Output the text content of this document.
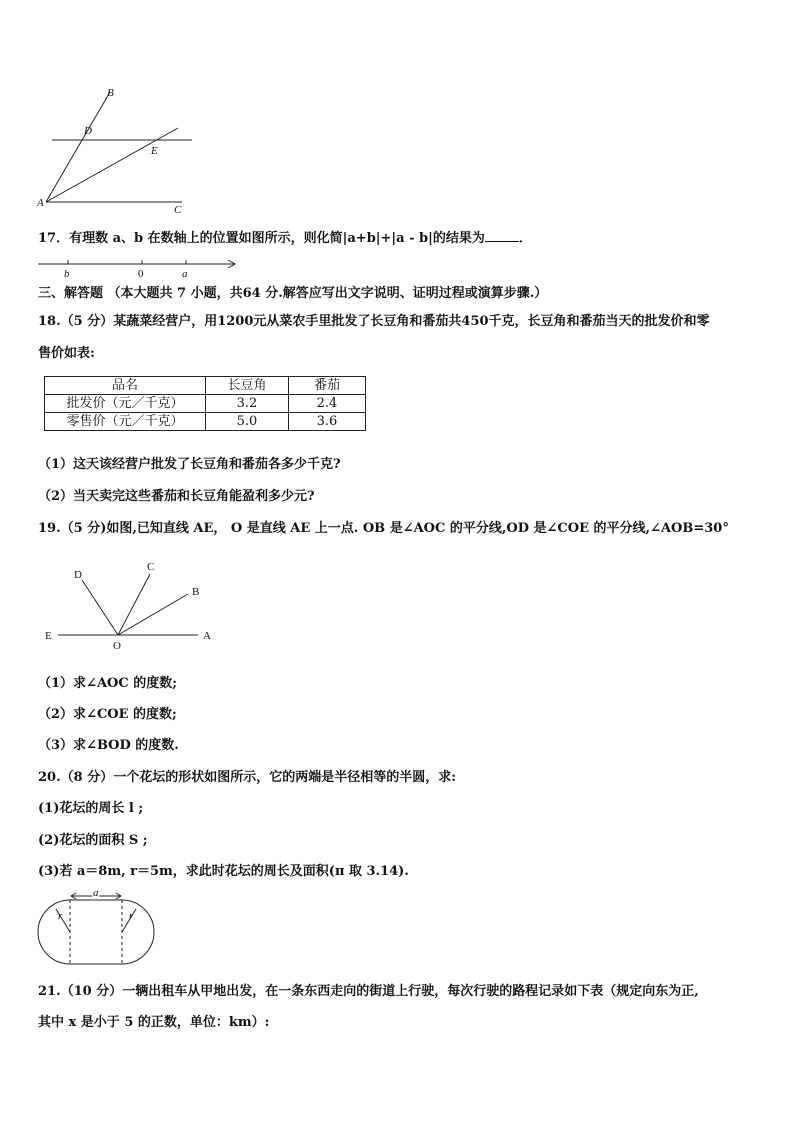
B
D
E
A
C
17．有理数 a、b 在数轴上的位置如图所示，则化简|a+b|+|a - b|的结果为	．
b	0	a
三、解答题 （本大题共 7 小题，共64 分.解答应写出文字说明、证明过程或演算步骤.）
18.（5 分）某蔬菜经营户，用1200元从菜农手里批发了长豆角和番茄共450千克，长豆角和番茄当天的批发价和零
售价如表:
品名	长豆角	番茄
批发价（元／千克）	3.2	2.4
零售价（元／千克）	5.0	3.6
（1）这天该经营户批发了长豆角和番茄各多少千克?
（2）当天卖完这些番茄和长豆角能盈利多少元?
19.（5 分)如图,已知直线 AE， O 是直线 AE 上一点. OB 是∠AOC 的平分线,OD 是∠COE 的平分线,∠AOB=30°
D
C
B
E
O
A
（1）求∠AOC 的度数;
（2）求∠COE 的度数;
（3）求∠BOD 的度数.
20.（8 分）一个花坛的形状如图所示，它的两端是半径相等的半圆，求:
(1)花坛的周长 l ;
(2)花坛的面积 S ;
(3)若 a＝8m, r＝5m，求此时花坛的周长及面积(π 取 3.14).
a
r	r
21.（10 分）一辆出租车从甲地出发，在一条东西走向的街道上行驶，每次行驶的路程记录如下表（规定向东为正,
其中 x 是小于 5 的正数，单位：km）:
